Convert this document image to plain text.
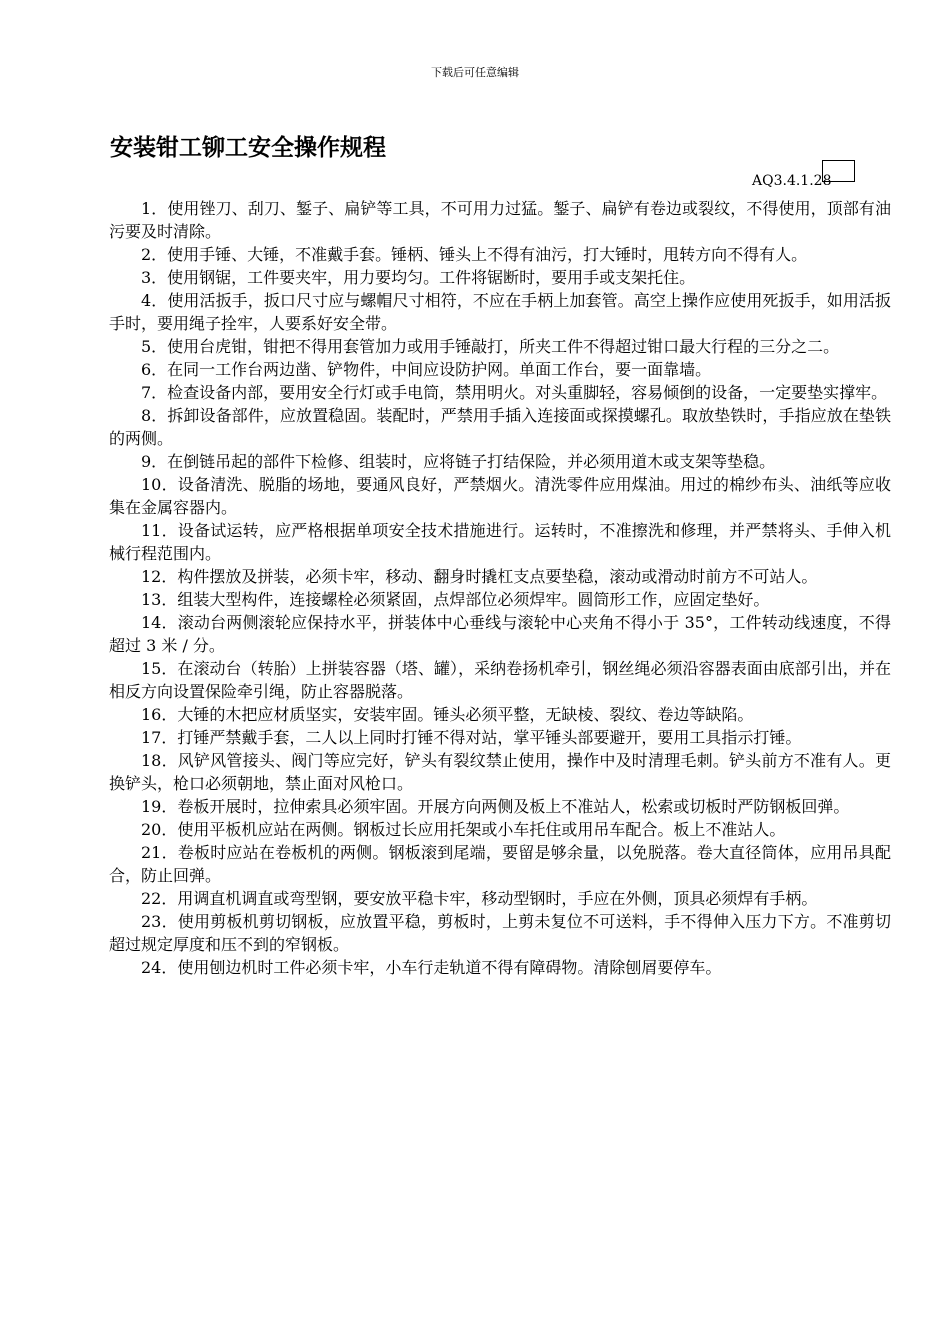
下载后可任意编辑
安装钳工铆工安全操作规程
AQ3.4.1.28

1．使用锉刀、刮刀、錾子、扁铲等工具，不可用力过猛。錾子、扁铲有卷边或裂纹，不得使用，顶部有油污要及时清除。

2．使用手锤、大锤，不准戴手套。锤柄、锤头上不得有油污，打大锤时，甩转方向不得有人。

3．使用钢锯，工件要夹牢，用力要均匀。工件将锯断时，要用手或支架托住。

4．使用活扳手，扳口尺寸应与螺帽尺寸相符，不应在手柄上加套管。高空上操作应使用死扳手，如用活扳手时，要用绳子拴牢，人要系好安全带。

5．使用台虎钳，钳把不得用套管加力或用手锤敲打，所夹工件不得超过钳口最大行程的三分之二。

6．在同一工作台两边凿、铲物件，中间应设防护网。单面工作台，要一面靠墙。

7．检查设备内部，要用安全行灯或手电筒，禁用明火。对头重脚轻，容易倾倒的设备，一定要垫实撑牢。

8．拆卸设备部件，应放置稳固。装配时，严禁用手插入连接面或探摸螺孔。取放垫铁时，手指应放在垫铁的两侧。

9．在倒链吊起的部件下检修、组装时，应将链子打结保险，并必须用道木或支架等垫稳。

10．设备清洗、脱脂的场地，要通风良好，严禁烟火。清洗零件应用煤油。用过的棉纱布头、油纸等应收集在金属容器内。

11．设备试运转，应严格根据单项安全技术措施进行。运转时，不准擦洗和修理，并严禁将头、手伸入机械行程范围内。

12．构件摆放及拼装，必须卡牢，移动、翻身时撬杠支点要垫稳，滚动或滑动时前方不可站人。

13．组装大型构件，连接螺栓必须紧固，点焊部位必须焊牢。圆筒形工作，应固定垫好。

14．滚动台两侧滚轮应保持水平，拼装体中心垂线与滚轮中心夹角不得小于 35°，工件转动线速度，不得超过 3 米 / 分。

15．在滚动台（转胎）上拼装容器（塔、罐），采纳卷扬机牵引，钢丝绳必须沿容器表面由底部引出，并在相反方向设置保险牵引绳，防止容器脱落。

16．大锤的木把应材质坚实，安装牢固。锤头必须平整，无缺棱、裂纹、卷边等缺陷。

17．打锤严禁戴手套，二人以上同时打锤不得对站，掌平锤头部要避开，要用工具指示打锤。

18．风铲风管接头、阀门等应完好，铲头有裂纹禁止使用，操作中及时清理毛刺。铲头前方不准有人。更换铲头，枪口必须朝地，禁止面对风枪口。

19．卷板开展时，拉伸索具必须牢固。开展方向两侧及板上不准站人，松索或切板时严防钢板回弹。

20．使用平板机应站在两侧。钢板过长应用托架或小车托住或用吊车配合。板上不准站人。

21．卷板时应站在卷板机的两侧。钢板滚到尾端，要留是够余量，以免脱落。卷大直径筒体，应用吊具配合，防止回弹。

22．用调直机调直或弯型钢，要安放平稳卡牢，移动型钢时，手应在外侧，顶具必须焊有手柄。

23．使用剪板机剪切钢板，应放置平稳，剪板时，上剪未复位不可送料，手不得伸入压力下方。不准剪切超过规定厚度和压不到的窄钢板。

24．使用刨边机时工件必须卡牢，小车行走轨道不得有障碍物。清除刨屑要停车。
